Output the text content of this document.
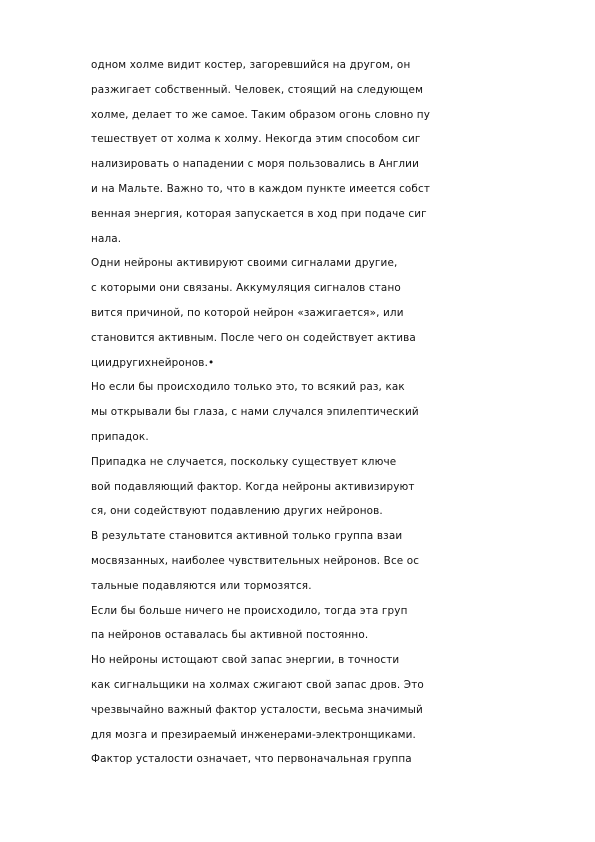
одном холме видит костер, загоревшийся на другом, он
разжигает собственный. Человек, стоящий на следующем
холме, делает то же самое. Таким образом огонь словно пу
тешествует от холма к холму. Некогда этим способом сиг
нализировать о нападении с моря пользовались в Англии
и на Мальте. Важно то, что в каждом пункте имеется собст
венная энергия, которая запускается в ход при подаче сиг
нала.
Одни нейроны активируют своими сигналами другие,
с которыми они связаны. Аккумуляция сигналов стано
вится причиной, по которой нейрон «зажигается», или
становится активным. После чего он содействует актива
циидругихнейронов.•
Но если бы происходило только это, то всякий раз, как
мы открывали бы глаза, с нами случался эпилептический
припадок.
Припадка не случается, поскольку существует ключе
вой подавляющий фактор. Когда нейроны активизируют
ся, они содействуют подавлению других нейронов.
В результате становится активной только группа взаи
мосвязанных, наиболее чувствительных нейронов. Все ос
тальные подавляются или тормозятся.
Если бы больше ничего не происходило, тогда эта груп
па нейронов оставалась бы активной постоянно.
Но нейроны истощают свой запас энергии, в точности
как сигнальщики на холмах сжигают свой запас дров. Это
чрезвычайно важный фактор усталости, весьма значимый
для мозга и презираемый инженерами-электронщиками.
Фактор усталости означает, что первоначальная группа
